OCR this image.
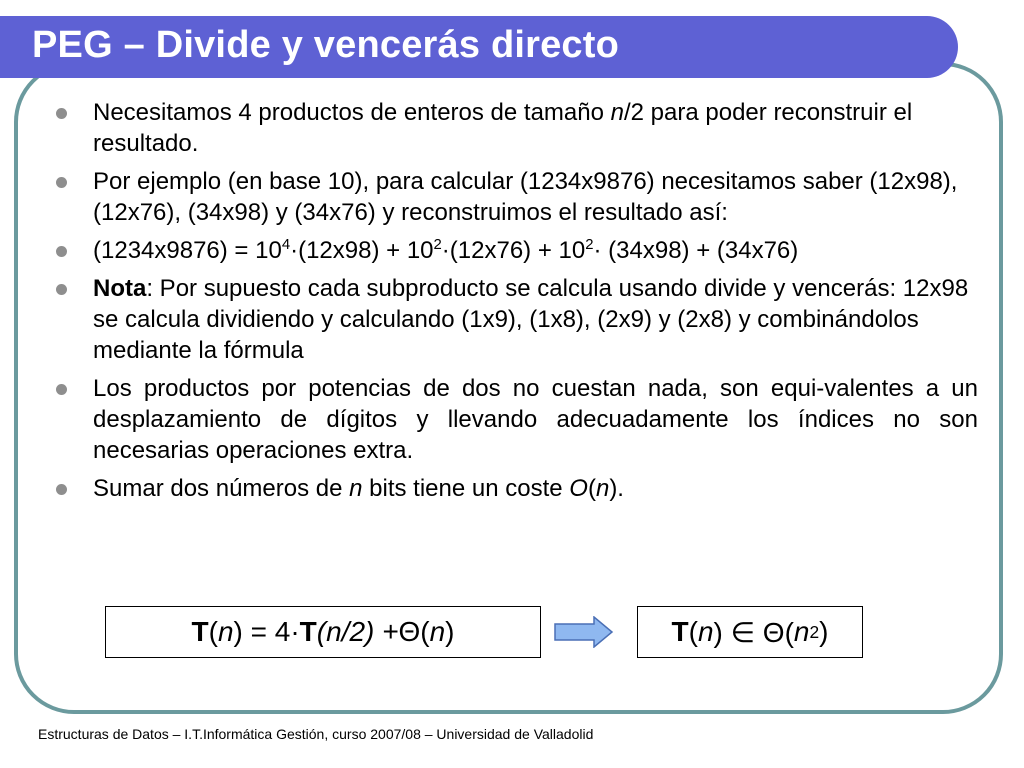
PEG – Divide y vencerás directo
Necesitamos 4 productos de enteros de tamaño n/2 para poder reconstruir el resultado.
Por ejemplo (en base 10), para calcular (1234x9876) necesitamos saber (12x98), (12x76), (34x98) y (34x76) y reconstruimos el resultado así:
$(1234x9876) = 10^4\cdot(12x98) + 10^2\cdot(12x76) + 10^2\cdot (34x98) + (34x76)$
Nota: Por supuesto cada subproducto se calcula usando divide y vencerás: 12x98 se calcula dividiendo y calculando (1x9), (1x8), (2x9) y (2x8) y combinándolos mediante la fórmula
Los productos por potencias de dos no cuestan nada, son equi-valentes a un desplazamiento de dígitos y llevando adecuadamente los índices no son necesarias operaciones extra.
Sumar dos números de n bits tiene un coste O(n).
T ( n ) = 4· T (n/2) + Θ( n )	T ( n ) ∈ Θ( n 2 )
Estructuras de Datos – I.T.Informática Gestión, curso 2007/08 – Universidad de Valladolid
